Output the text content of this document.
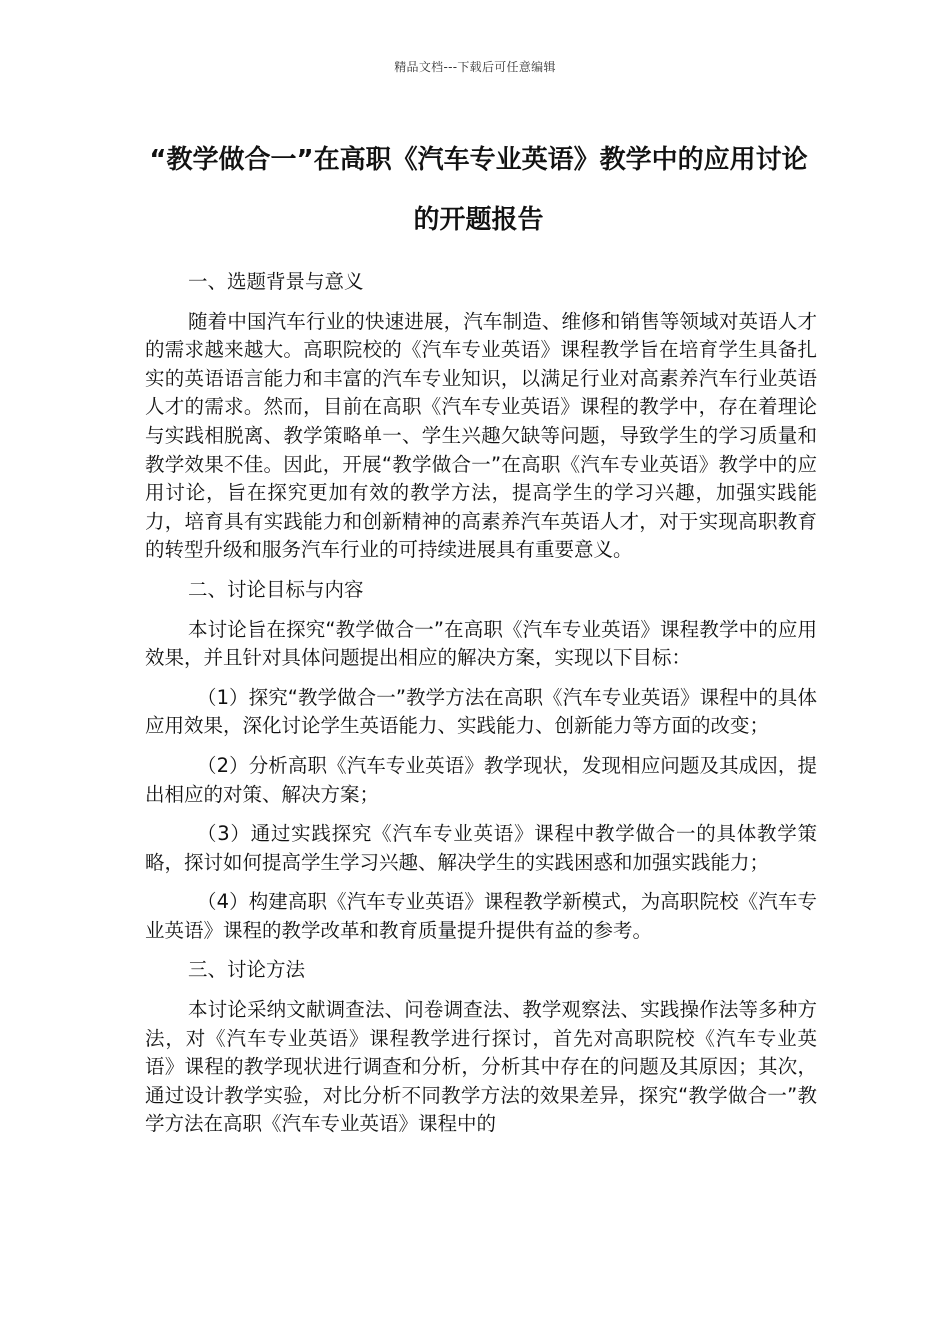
精品文档---下载后可任意编辑
“教学做合一”在高职《汽车专业英语》教学中的应用讨论的开题报告
一、选题背景与意义
随着中国汽车行业的快速进展，汽车制造、维修和销售等领域对英语人才的需求越来越大。高职院校的《汽车专业英语》课程教学旨在培育学生具备扎实的英语语言能力和丰富的汽车专业知识，以满足行业对高素养汽车行业英语人才的需求。然而，目前在高职《汽车专业英语》课程的教学中，存在着理论与实践相脱离、教学策略单一、学生兴趣欠缺等问题，导致学生的学习质量和教学效果不佳。因此，开展“教学做合一”在高职《汽车专业英语》教学中的应用讨论，旨在探究更加有效的教学方法，提高学生的学习兴趣，加强实践能力，培育具有实践能力和创新精神的高素养汽车英语人才，对于实现高职教育的转型升级和服务汽车行业的可持续进展具有重要意义。
二、讨论目标与内容
本讨论旨在探究“教学做合一”在高职《汽车专业英语》课程教学中的应用效果，并且针对具体问题提出相应的解决方案，实现以下目标：
（1）探究“教学做合一”教学方法在高职《汽车专业英语》课程中的具体应用效果，深化讨论学生英语能力、实践能力、创新能力等方面的改变；
（2）分析高职《汽车专业英语》教学现状，发现相应问题及其成因，提出相应的对策、解决方案；
（3）通过实践探究《汽车专业英语》课程中教学做合一的具体教学策略，探讨如何提高学生学习兴趣、解决学生的实践困惑和加强实践能力；
（4）构建高职《汽车专业英语》课程教学新模式，为高职院校《汽车专业英语》课程的教学改革和教育质量提升提供有益的参考。
三、讨论方法
本讨论采纳文献调查法、问卷调查法、教学观察法、实践操作法等多种方法，对《汽车专业英语》课程教学进行探讨，首先对高职院校《汽车专业英语》课程的教学现状进行调查和分析，分析其中存在的问题及其原因；其次，通过设计教学实验，对比分析不同教学方法的效果差异，探究“教学做合一”教学方法在高职《汽车专业英语》课程中的
